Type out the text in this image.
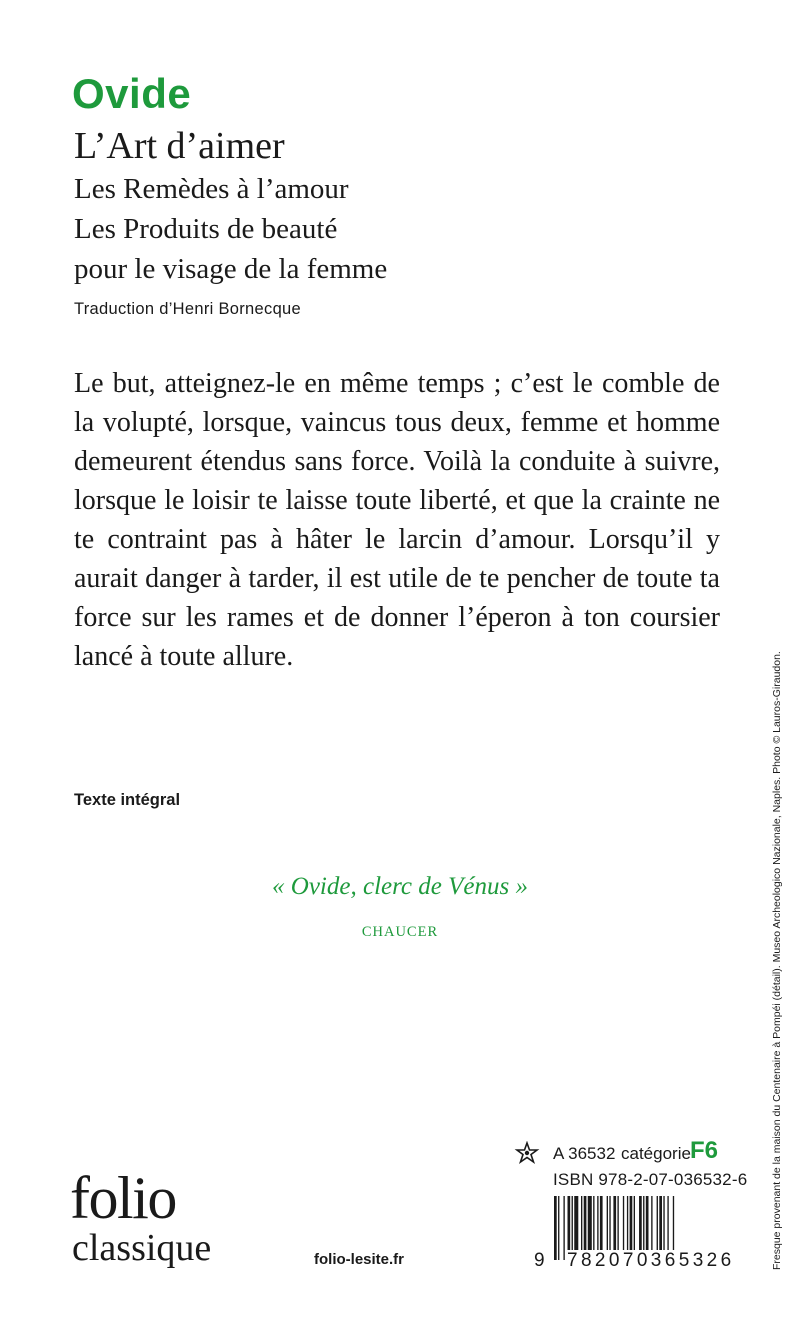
Ovide
L’Art d’aimer
Les Remèdes à l’amour
Les Produits de beauté
pour le visage de la femme
Traduction d’Henri Bornecque

Le but, atteignez-le en même temps ; c’est le comble de la volupté, lorsque, vaincus tous deux, femme et homme demeurent étendus sans force. Voilà la conduite à suivre, lorsque le loisir te laisse toute liberté, et que la crainte ne te contraint pas à hâter le larcin d’amour. Lorsqu’il y aurait danger à tarder, il est utile de te pencher de toute ta force sur les rames et de donner l’éperon à ton coursier lancé à toute allure.

Texte intégral
« Ovide, clerc de Vénus »
CHAUCER	Fresque provenant de la maison du Centenaire à Pompéi (détail). Museo Archeologico Nazionale, Naples. Photo © Lauros-Giraudon.
folio
classique	folio-lesite.fr
A 36532 catégorie F6
ISBN 978-2-07-036532-6
9 782070365326
